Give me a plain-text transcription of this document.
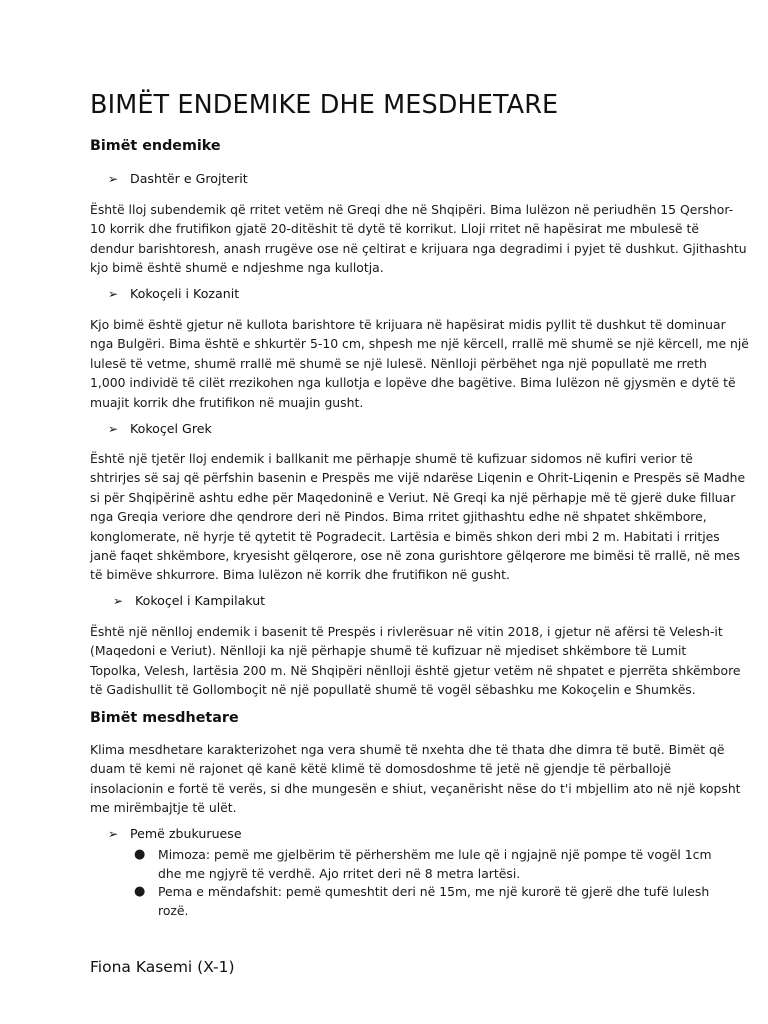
BIMËT ENDEMIKE DHE MESDHETARE
Bimët endemike
➢ Dashtër e Grojterit
Është lloj subendemik që rritet vetëm në Greqi dhe në Shqipëri. Bima lulëzon në periudhën 15 Qershor-
10 korrik dhe frutifikon gjatë 20-ditëshit të dytë të korrikut. Lloji rritet në hapësirat me mbulesë të
dendur barishtoresh, anash rrugëve ose në çeltirat e krijuara nga degradimi i pyjet të dushkut. Gjithashtu
kjo bimë është shumë e ndjeshme nga kullotja.
➢ Kokoçeli i Kozanit
Kjo bimë është gjetur në kullota barishtore të krijuara në hapësirat midis pyllit të dushkut të dominuar
nga Bulgëri. Bima është e shkurtër 5-10 cm, shpesh me një kërcell, rrallë më shumë se një kërcell, me një
lulesë të vetme, shumë rrallë më shumë se një lulesë. Nënlloji përbëhet nga një popullatë me rreth
1,000 individë të cilët rrezikohen nga kullotja e lopëve dhe bagëtive. Bima lulëzon në gjysmën e dytë të
muajit korrik dhe frutifikon në muajin gusht.
➢ Kokoçel Grek
Është një tjetër lloj endemik i ballkanit me përhapje shumë të kufizuar sidomos në kufiri verior të
shtrirjes së saj që përfshin basenin e Prespës me vijë ndarëse Liqenin e Ohrit-Liqenin e Prespës së Madhe
si për Shqipërinë ashtu edhe për Maqedoninë e Veriut. Në Greqi ka një përhapje më të gjerë duke filluar
nga Greqia veriore dhe qendrore deri në Pindos. Bima rritet gjithashtu edhe në shpatet shkëmbore,
konglomerate, në hyrje të qytetit të Pogradecit. Lartësia e bimës shkon deri mbi 2 m. Habitati i rritjes
janë faqet shkëmbore, kryesisht gëlqerore, ose në zona gurishtore gëlqerore me bimësi të rrallë, në mes
të bimëve shkurrore. Bima lulëzon në korrik dhe frutifikon në gusht.
➢ Kokoçel i Kampilakut
Është një nënlloj endemik i basenit të Prespës i rivlerësuar në vitin 2018, i gjetur në afërsi të Velesh-it
(Maqedoni e Veriut). Nënlloji ka një përhapje shumë të kufizuar në mjediset shkëmbore të Lumit
Topolka, Velesh, lartësia 200 m. Në Shqipëri nënlloji është gjetur vetëm në shpatet e pjerrëta shkëmbore
të Gadishullit të Gollomboçit në një popullatë shumë të vogël sëbashku me Kokoçelin e Shumkës.
Bimët mesdhetare
Klima mesdhetare karakterizohet nga vera shumë të nxehta dhe të thata dhe dimra të butë. Bimët që
duam të kemi në rajonet që kanë këtë klimë të domosdoshme të jetë në gjendje të përballojë
insolacionin e fortë të verës, si dhe mungesën e shiut, veçanërisht nëse do t'i mbjellim ato në një kopsht
me mirëmbajtje të ulët.
➢ Pemë zbukuruese
● Mimoza: pemë me gjelbërim të përhershëm me lule që i ngjajnë një pompe të vogël 1cm
dhe me ngjyrë të verdhë. Ajo rritet deri në 8 metra lartësi.
● Pema e mëndafshit: pemë qumeshtit deri në 15m, me një kurorë të gjerë dhe tufë lulesh
rozë.
Fiona Kasemi (X-1)
